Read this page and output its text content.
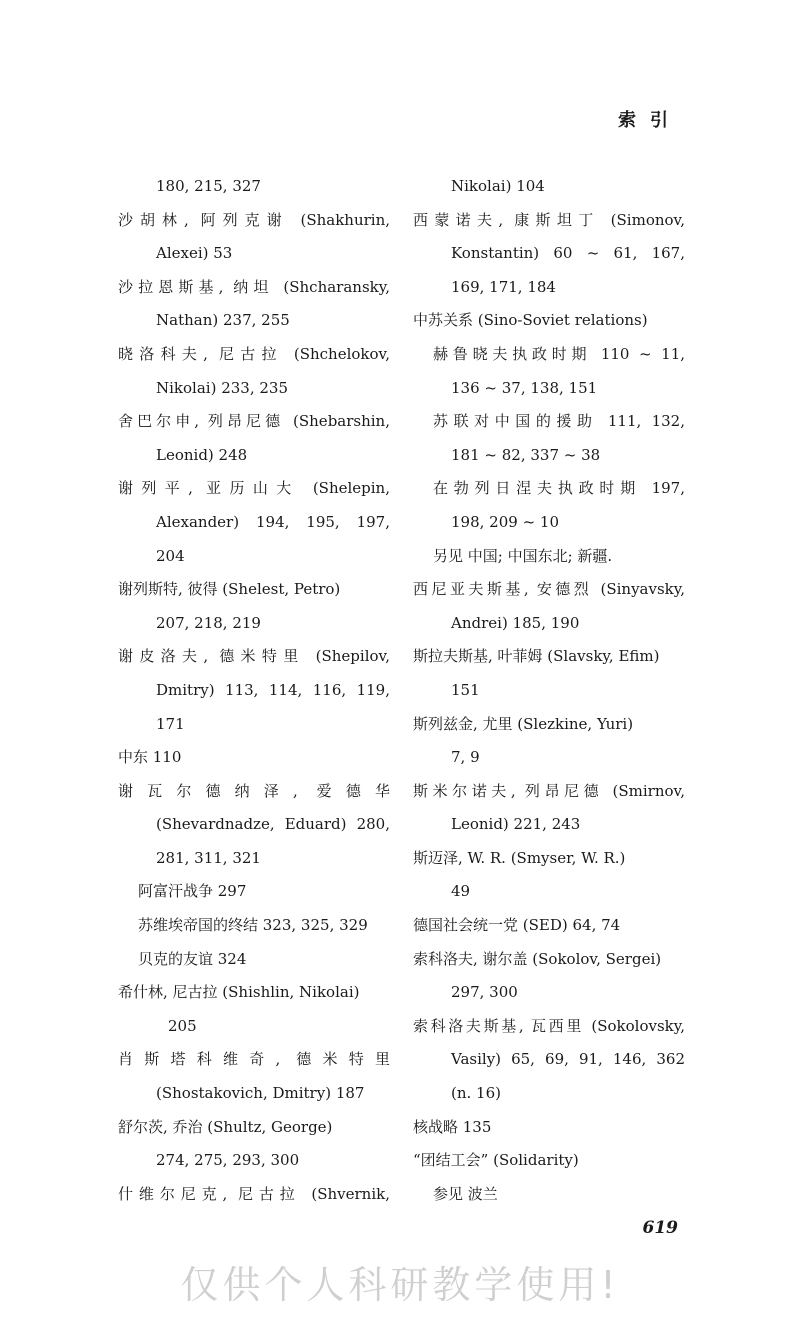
索引
180, 215, 327
沙胡林, 阿列克谢 (Shakhurin,
Alexei) 53
沙拉恩斯基, 纳坦 (Shcharansky,
Nathan) 237, 255
晓洛科夫, 尼古拉 (Shchelokov,
Nikolai) 233, 235
舍巴尔申, 列昂尼德 (Shebarshin,
Leonid) 248
谢列平, 亚历山大 (Shelepin,
Alexander) 194, 195, 197,
204
谢列斯特, 彼得 (Shelest, Petro)
207, 218, 219
谢皮洛夫, 德米特里 (Shepilov,
Dmitry) 113, 114, 116, 119,
171
中东 110
谢瓦尔德纳泽, 爱德华
(Shevardnadze, Eduard) 280,
281, 311, 321
阿富汗战争 297
苏维埃帝国的终结 323, 325, 329
贝克的友谊 324
希什林, 尼古拉 (Shishlin, Nikolai)
205
肖斯塔科维奇, 德米特里
(Shostakovich, Dmitry) 187
舒尔茨, 乔治 (Shultz, George)
274, 275, 293, 300
什维尔尼克, 尼古拉 (Shvernik,
Nikolai) 104
西蒙诺夫, 康斯坦丁 (Simonov,
Konstantin) 60 ~ 61, 167,
169, 171, 184
中苏关系 (Sino-Soviet relations)
赫鲁晓夫执政时期 110 ~ 11,
136 ~ 37, 138, 151
苏联对中国的援助 111, 132,
181 ~ 82, 337 ~ 38
在勃列日涅夫执政时期 197,
198, 209 ~ 10
另见 中国; 中国东北; 新疆.
西尼亚夫斯基, 安德烈 (Sinyavsky,
Andrei) 185, 190
斯拉夫斯基, 叶菲姆 (Slavsky, Efim)
151
斯列兹金, 尤里 (Slezkine, Yuri)
7, 9
斯米尔诺夫, 列昂尼德 (Smirnov,
Leonid) 221, 243
斯迈泽, W. R. (Smyser, W. R.)
49
德国社会统一党 (SED) 64, 74
索科洛夫, 谢尔盖 (Sokolov, Sergei)
297, 300
索科洛夫斯基, 瓦西里 (Sokolovsky,
Vasily) 65, 69, 91, 146, 362
(n. 16)
核战略 135
“团结工会” (Solidarity)
参见 波兰
619
仅供个人科研教学使用!
